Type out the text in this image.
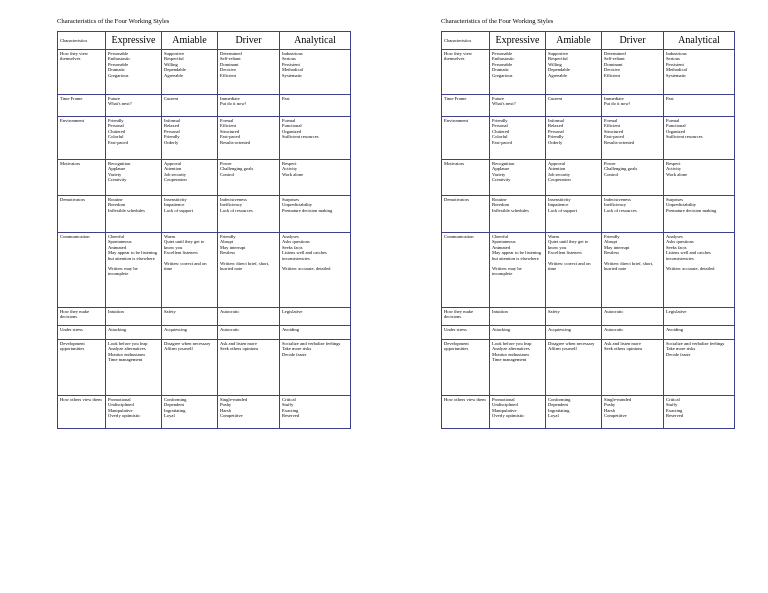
Characteristics of the Four Working Styles
Characteristics	Expressive	Amiable	Driver	Analytical
How they view themselves	Personable
Enthusiastic
Personable
Dramatic
Gregarious	Supportive
Respectful
Willing
Dependable
Agreeable	Determined
Self-reliant
Dominant
Decisive
Efficient	Industrious
Serious
Persistent
Methodical
Systematic

Time Frame	Future
What's next?	Current	Immediate
Put do it now!	Past

Environment	Friendly
Personal
Cluttered
Colorful
Fast-paced	Informal
Relaxed
Personal
Friendly
Orderly	Formal
Efficient
Structured
Fast-paced
Results-oriented	Formal
Functional
Organized
Sufficient resources

Motivators	Recognition
Applause
Variety
Creativity	Approval
Attention
Job security
Cooperation	Power
Challenging goals
Control	Respect
Activity
Work alone

Demotivators	Routine
Boredom
Inflexible schedules	Insensitivity
Impatience
Lack of support	Indecisiveness
Inefficiency
Lack of resources	Surprises
Unpredictability
Premature decision making

Communication	Cheerful
Spontaneous
Animated
May appear to be listening but attention is elsewhere
Written: may be incomplete	Warm
Quiet until they get to know you
Excellent listeners
Written: correct and on time	Friendly
Abrupt
May interrupt
Restless
Written: direct brief, short, hurried note	Analyses
Asks questions
Seeks facts
Listens well and catches inconsistencies
Written: accurate, detailed

How they make decisions	Intuition	Safety	Autocratic	Legislative

Under stress	Attacking	Acquiescing	Autocratic	Avoiding

Development opportunities	Look before you leap
Analyze alternatives
Monitor enthusiasm
Time management	Disagree when necessary
Affirm yourself	Ask and listen more
Seek others opinions	Socialize and verbalize feelings
Take more risks
Decide faster

How others view them	Promotional
Undisciplined
Manipulative
Overly optimistic	Conforming
Dependent
Ingratiating
Loyal	Single-minded
Pushy
Harsh
Competitive	Critical
Stuffy
Exacting
Reserved
Characteristics of the Four Working Styles
Characteristics	Expressive	Amiable	Driver	Analytical
How they view themselves	Personable
Enthusiastic
Personable
Dramatic
Gregarious	Supportive
Respectful
Willing
Dependable
Agreeable	Determined
Self-reliant
Dominant
Decisive
Efficient	Industrious
Serious
Persistent
Methodical
Systematic

Time Frame	Future
What's next?	Current	Immediate
Put do it now!	Past

Environment	Friendly
Personal
Cluttered
Colorful
Fast-paced	Informal
Relaxed
Personal
Friendly
Orderly	Formal
Efficient
Structured
Fast-paced
Results-oriented	Formal
Functional
Organized
Sufficient resources

Motivators	Recognition
Applause
Variety
Creativity	Approval
Attention
Job security
Cooperation	Power
Challenging goals
Control	Respect
Activity
Work alone

Demotivators	Routine
Boredom
Inflexible schedules	Insensitivity
Impatience
Lack of support	Indecisiveness
Inefficiency
Lack of resources	Surprises
Unpredictability
Premature decision making

Communication	Cheerful
Spontaneous
Animated
May appear to be listening but attention is elsewhere
Written: may be incomplete	Warm
Quiet until they get to know you
Excellent listeners
Written: correct and on time	Friendly
Abrupt
May interrupt
Restless
Written: direct brief, short, hurried note	Analyses
Asks questions
Seeks facts
Listens well and catches inconsistencies
Written: accurate, detailed

How they make decisions	Intuition	Safety	Autocratic	Legislative

Under stress	Attacking	Acquiescing	Autocratic	Avoiding

Development opportunities	Look before you leap
Analyze alternatives
Monitor enthusiasm
Time management	Disagree when necessary
Affirm yourself	Ask and listen more
Seek others opinions	Socialize and verbalize feelings
Take more risks
Decide faster

How others view them	Promotional
Undisciplined
Manipulative
Overly optimistic	Conforming
Dependent
Ingratiating
Loyal	Single-minded
Pushy
Harsh
Competitive	Critical
Stuffy
Exacting
Reserved
